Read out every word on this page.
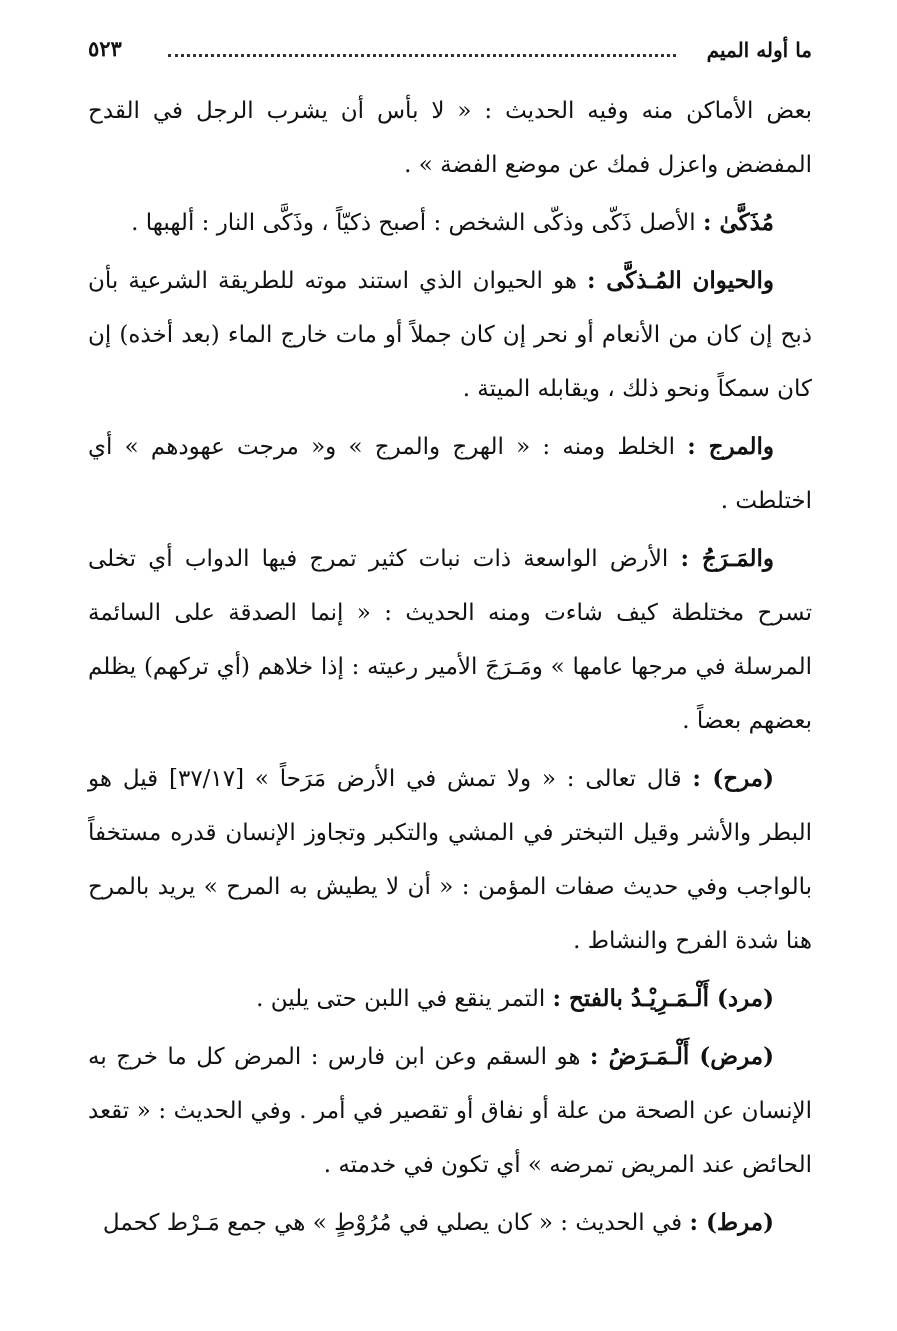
ما أوله الميم
٥٢٣

بعض الأماكن منه وفيه الحديث : « لا بأس أن يشرب الرجل في القدح المفضض واعزل فمك عن موضع الفضة » .

مُذَكَّىٰ : الأصل ذَكّى وذكّى الشخص : أصبح ذكيّاً ، وذَكَّى النار : ألهبها .

والحيوان المُـذكَّى : هو الحيوان الذي استند موته للطريقة الشرعية بأن ذبح إن كان من الأنعام أو نحر إن كان جملاً أو مات خارج الماء (بعد أخذه) إن كان سمكاً ونحو ذلك ، ويقابله الميتة .

والمرج : الخلط ومنه : « الهرج والمرج » و« مرجت عهودهم » أي اختلطت .

والمَـرَجُ : الأرض الواسعة ذات نبات كثير تمرج فيها الدواب أي تخلى تسرح مختلطة كيف شاءت ومنه الحديث : « إنما الصدقة على السائمة المرسلة في مرجها عامها » ومَـرَجَ الأمير رعيته : إذا خلاهم (أي تركهم) يظلم بعضهم بعضاً .

(مرح) : قال تعالى : « ولا تمش في الأرض مَرَحاً » [٣٧/١٧] قيل هو البطر والأشر وقيل التبختر في المشي والتكبر وتجاوز الإنسان قدره مستخفاً بالواجب وفي حديث صفات المؤمن : « أن لا يطيش به المرح » يريد بالمرح هنا شدة الفرح والنشاط .

(مرد) أَلْـمَـرِيْـدُ بالفتح : التمر ينقع في اللبن حتى يلين .

(مرض) أَلْـمَـرَضُ : هو السقم وعن ابن فارس : المرض كل ما خرج به الإنسان عن الصحة من علة أو نفاق أو تقصير في أمر . وفي الحديث : « تقعد الحائض عند المريض تمرضه » أي تكون في خدمته .

(مرط) : في الحديث : « كان يصلي في مُرُوْطٍ » هي جمع مَـرْط كحمل
